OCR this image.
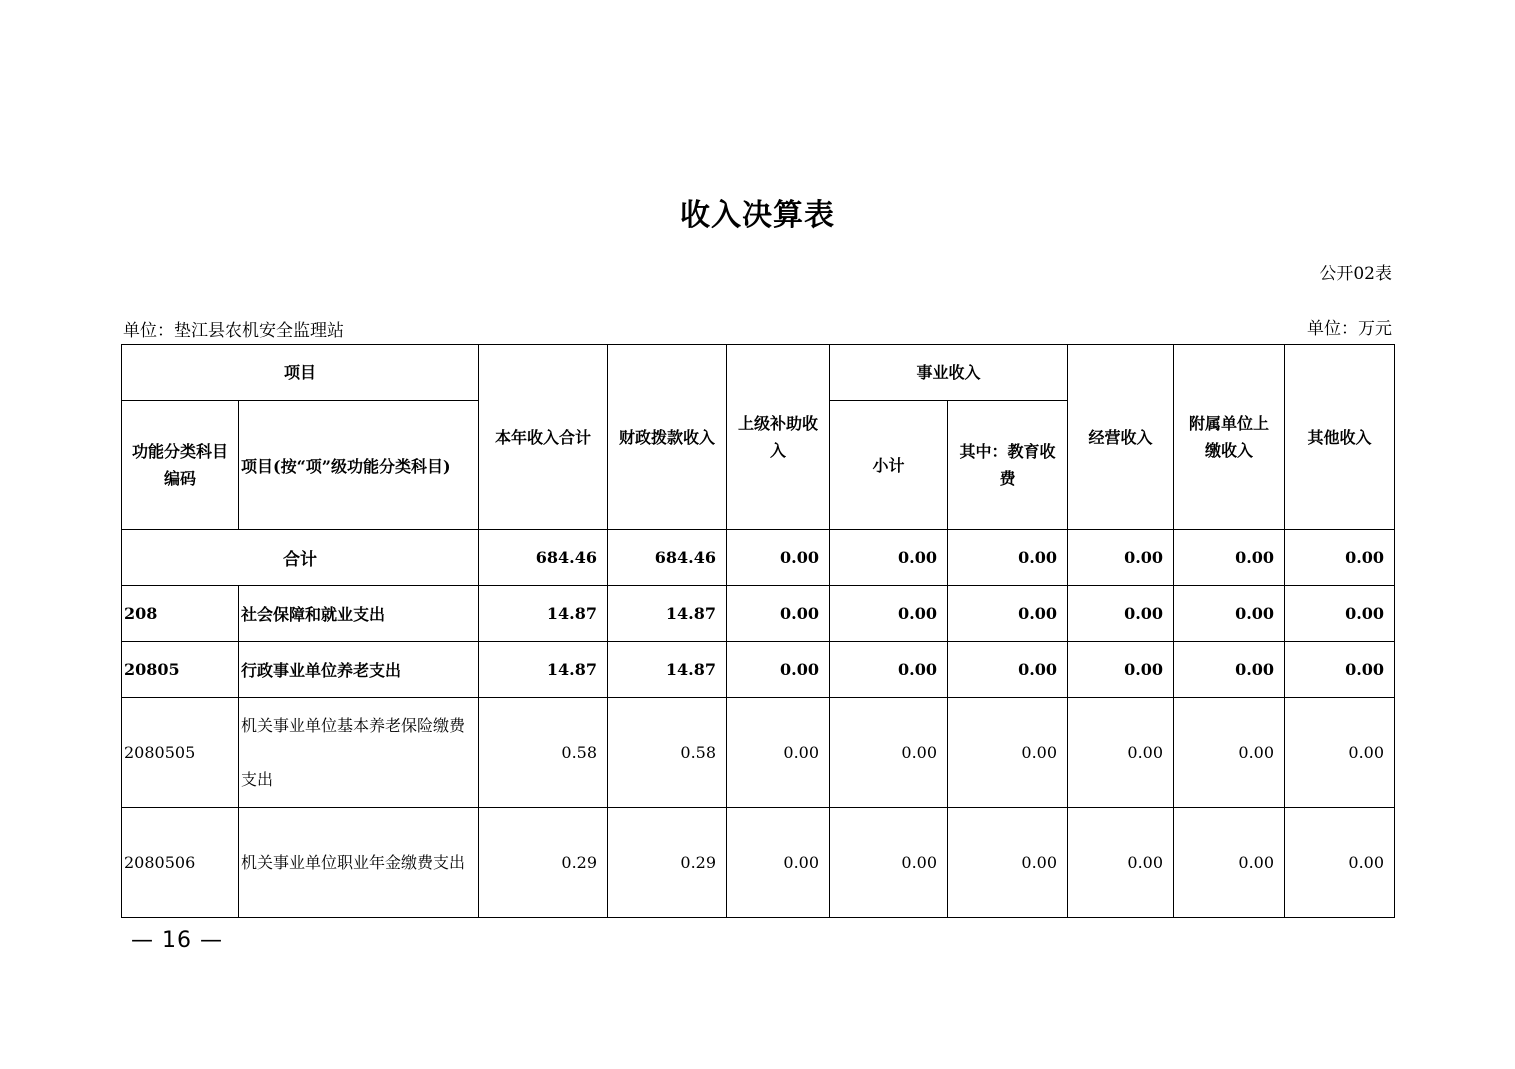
收入决算表
公开02表
单位：垫江县农机安全监理站	单位：万元
项目		本年收入合计	财政拨款收入	上级补助收入	事业收入		经营收入	附属单位上缴收入	其他收入
功能分类科目编码	项目(按“项”级功能分类科目)				小计	其中：教育收费			
合计		684.46	684.46	0.00	0.00	0.00	0.00	0.00	0.00
208	社会保障和就业支出	14.87	14.87	0.00	0.00	0.00	0.00	0.00	0.00
20805	行政事业单位养老支出	14.87	14.87	0.00	0.00	0.00	0.00	0.00	0.00
2080505	机关事业单位基本养老保险缴费支出	0.58	0.58	0.00	0.00	0.00	0.00	0.00	0.00
2080506	机关事业单位职业年金缴费支出	0.29	0.29	0.00	0.00	0.00	0.00	0.00	0.00
— 16 —
